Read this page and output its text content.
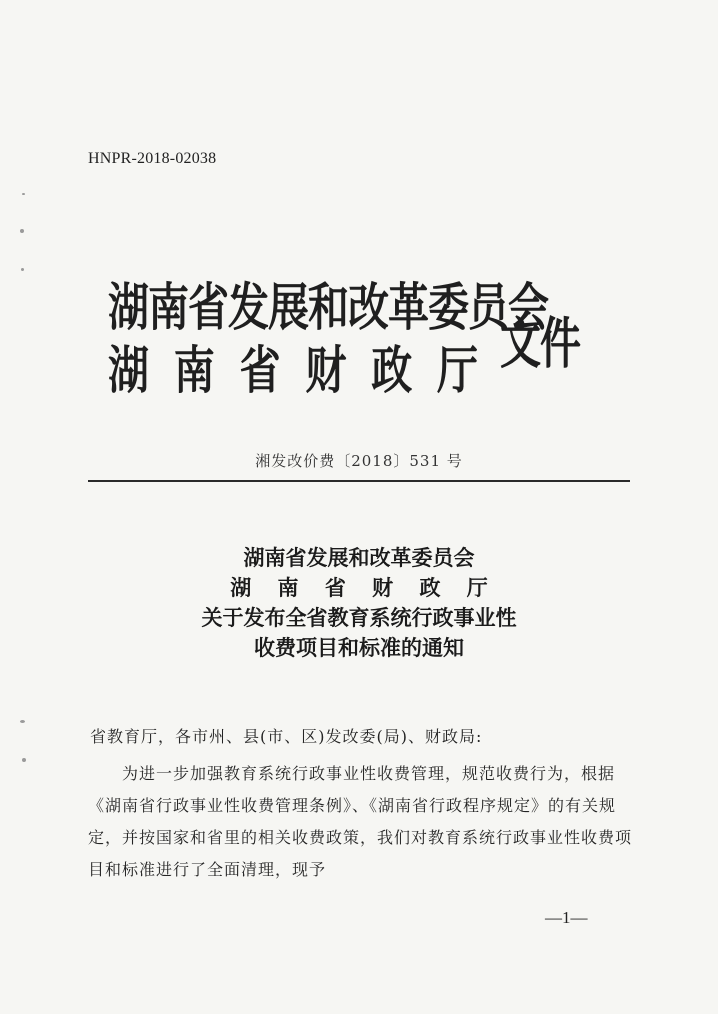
HNPR-2018-02038
湖南省发展和改革委员会
湖 南 省 财 政 厅 文件
湘发改价费〔2018〕531 号
湖南省发展和改革委员会
湖 南 省 财 政 厅
关于发布全省教育系统行政事业性
收费项目和标准的通知
省教育厅，各市州、县(市、区)发改委(局)、财政局:
为进一步加强教育系统行政事业性收费管理，规范收费行为，根据《湖南省行政事业性收费管理条例》、《湖南省行政程序规定》的有关规定，并按国家和省里的相关收费政策，我们对教育系统行政事业性收费项目和标准进行了全面清理，现予
—1—
